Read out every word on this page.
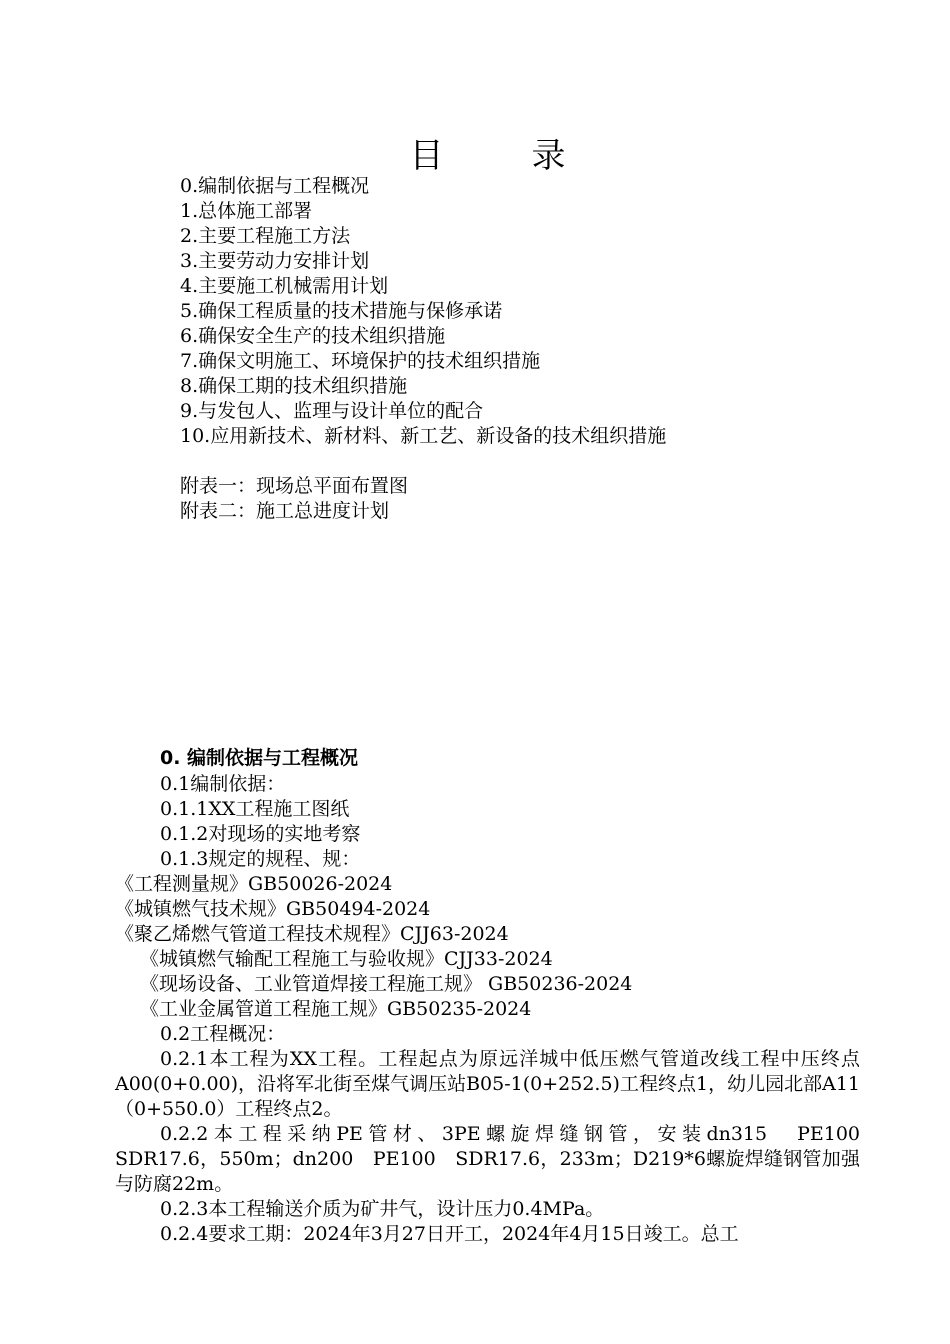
目	录
0.编制依据与工程概况
1.总体施工部署
2.主要工程施工方法
3.主要劳动力安排计划
4.主要施工机械需用计划
5.确保工程质量的技术措施与保修承诺
6.确保安全生产的技术组织措施
7.确保文明施工、环境保护的技术组织措施
8.确保工期的技术组织措施
9.与发包人、监理与设计单位的配合
10.应用新技术、新材料、新工艺、新设备的技术组织措施
附表一：现场总平面布置图
附表二：施工总进度计划
0. 编制依据与工程概况
0.1编制依据：
0.1.1XX工程施工图纸
0.1.2对现场的实地考察
0.1.3规定的规程、规：
《工程测量规》GB50026-2024
《城镇燃气技术规》GB50494-2024
《聚乙烯燃气管道工程技术规程》CJJ63-2024
《城镇燃气输配工程施工与验收规》CJJ33-2024
《现场设备、工业管道焊接工程施工规》 GB50236-2024
《工业金属管道工程施工规》GB50235-2024
0.2工程概况：
0.2.1本工程为XX工程。工程起点为原远洋城中低压燃气管道改线工程中压终点A00(0+0.00)，沿将军北街至煤气调压站B05-1(0+252.5)工程终点1，幼儿园北部A11（0+550.0）工程终点2。
0.2.2本工程采纳PE管材、3PE螺旋焊缝钢管，安装dn315　PE100　SDR17.6，550m；dn200　PE100　SDR17.6，233m；D219*6螺旋焊缝钢管加强与防腐22m。
0.2.3本工程输送介质为矿井气，设计压力0.4MPa。
0.2.4要求工期：2024年3月27日开工，2024年4月15日竣工。总工
